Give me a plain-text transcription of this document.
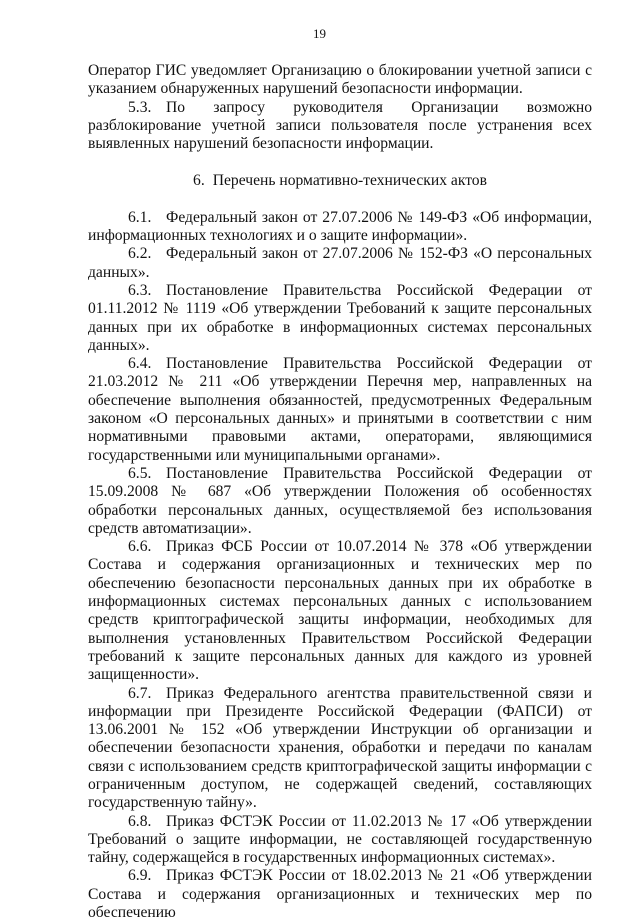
19

Оператор ГИС уведомляет Организацию о блокировании учетной записи с указанием обнаруженных нарушений безопасности информации.

5.3. По запросу руководителя Организации возможно разблокирование учетной записи пользователя после устранения всех выявленных нарушений безопасности информации.

6. Перечень нормативно-технических актов

6.1. Федеральный закон от 27.07.2006 № 149-ФЗ «Об информации, информационных технологиях и о защите информации».

6.2. Федеральный закон от 27.07.2006 № 152-ФЗ «О персональных данных».

6.3. Постановление Правительства Российской Федерации от 01.11.2012 № 1119 «Об утверждении Требований к защите персональных данных при их обработке в информационных системах персональных данных».

6.4. Постановление Правительства Российской Федерации от 21.03.2012 № 211 «Об утверждении Перечня мер, направленных на обеспечение выполнения обязанностей, предусмотренных Федеральным законом «О персональных данных» и принятыми в соответствии с ним нормативными правовыми актами, операторами, являющимися государственными или муниципальными органами».

6.5. Постановление Правительства Российской Федерации от 15.09.2008 № 687 «Об утверждении Положения об особенностях обработки персональных данных, осуществляемой без использования средств автоматизации».

6.6. Приказ ФСБ России от 10.07.2014 № 378 «Об утверждении Состава и содержания организационных и технических мер по обеспечению безопасности персональных данных при их обработке в информационных системах персональных данных с использованием средств криптографической защиты информации, необходимых для выполнения установленных Правительством Российской Федерации требований к защите персональных данных для каждого из уровней защищенности».

6.7. Приказ Федерального агентства правительственной связи и информации при Президенте Российской Федерации (ФАПСИ) от 13.06.2001 № 152 «Об утверждении Инструкции об организации и обеспечении безопасности хранения, обработки и передачи по каналам связи с использованием средств криптографической защиты информации с ограниченным доступом, не содержащей сведений, составляющих государственную тайну».

6.8. Приказ ФСТЭК России от 11.02.2013 № 17 «Об утверждении Требований о защите информации, не составляющей государственную тайну, содержащейся в государственных информационных системах».

6.9. Приказ ФСТЭК России от 18.02.2013 № 21 «Об утверждении Состава и содержания организационных и технических мер по обеспечению
